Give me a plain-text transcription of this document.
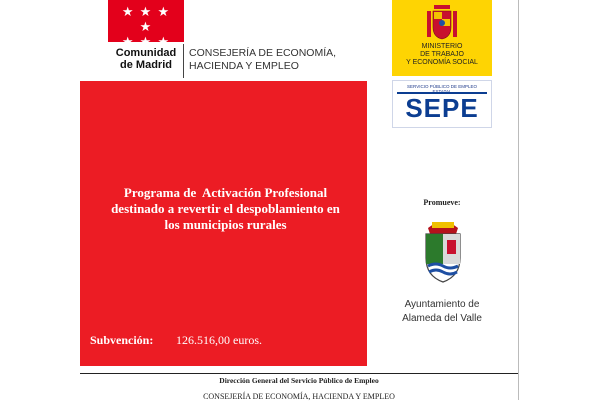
★ ★ ★ ★
★ ★ ★
Comunidad
de Madrid
CONSEJERÍA DE ECONOMÍA,
HACIENDA Y EMPLEO
MINISTERIO
DE TRABAJO
Y ECONOMÍA SOCIAL
SERVICIO PÚBLICO DE EMPLEO
SEPE
Programa de  Activación Profesional
destinado a revertir el despoblamiento en
los municipios rurales
Subvención: 126.516,00 euros.
Promueve:
Ayuntamiento de
Alameda del Valle
Dirección General del Servicio Público de Empleo
CONSEJERÍA DE ECONOMÍA, HACIENDA Y EMPLEO
